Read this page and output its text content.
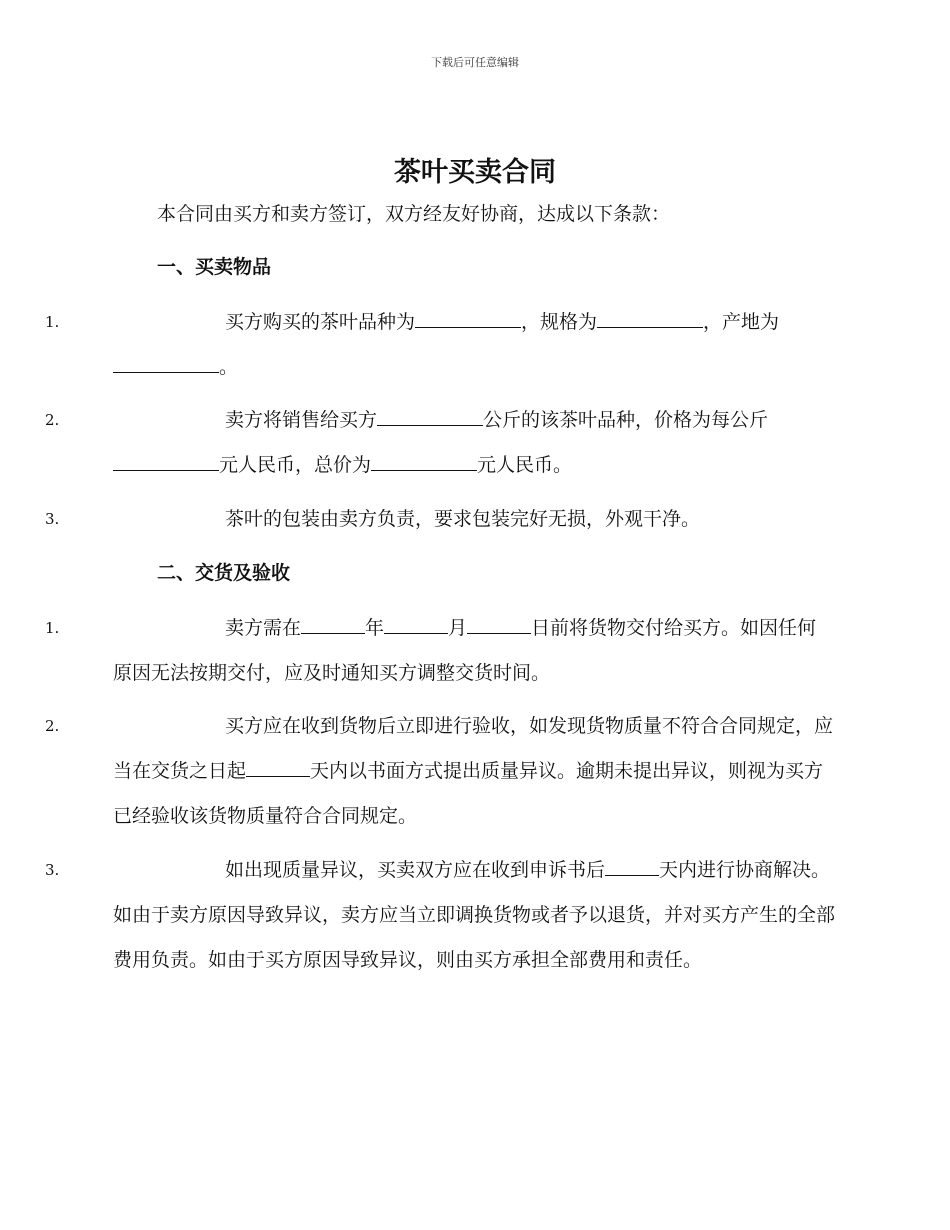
下载后可任意编辑
茶叶买卖合同
本合同由买方和卖方签订，双方经友好协商，达成以下条款：
一、买卖物品
1.	买方购买的茶叶品种为	，规格为	，产地为。
2.	卖方将销售给买方	公斤的该茶叶品种，价格为每公斤元人民币，总价为	元人民币。
3.	茶叶的包装由卖方负责，要求包装完好无损，外观干净。
二、交货及验收
1.	卖方需在	年	月	日前将货物交付给买方。如因任何原因无法按期交付，应及时通知买方调整交货时间。
2.	买方应在收到货物后立即进行验收，如发现货物质量不符合合同规定，应当在交货之日起	天内以书面方式提出质量异议。逾期未提出异议，则视为买方已经验收该货物质量符合合同规定。
3.	如出现质量异议，买卖双方应在收到申诉书后	天内进行协商解决。如由于卖方原因导致异议，卖方应当立即调换货物或者予以退货，并对买方产生的全部费用负责。如由于买方原因导致异议，则由买方承担全部费用和责任。
